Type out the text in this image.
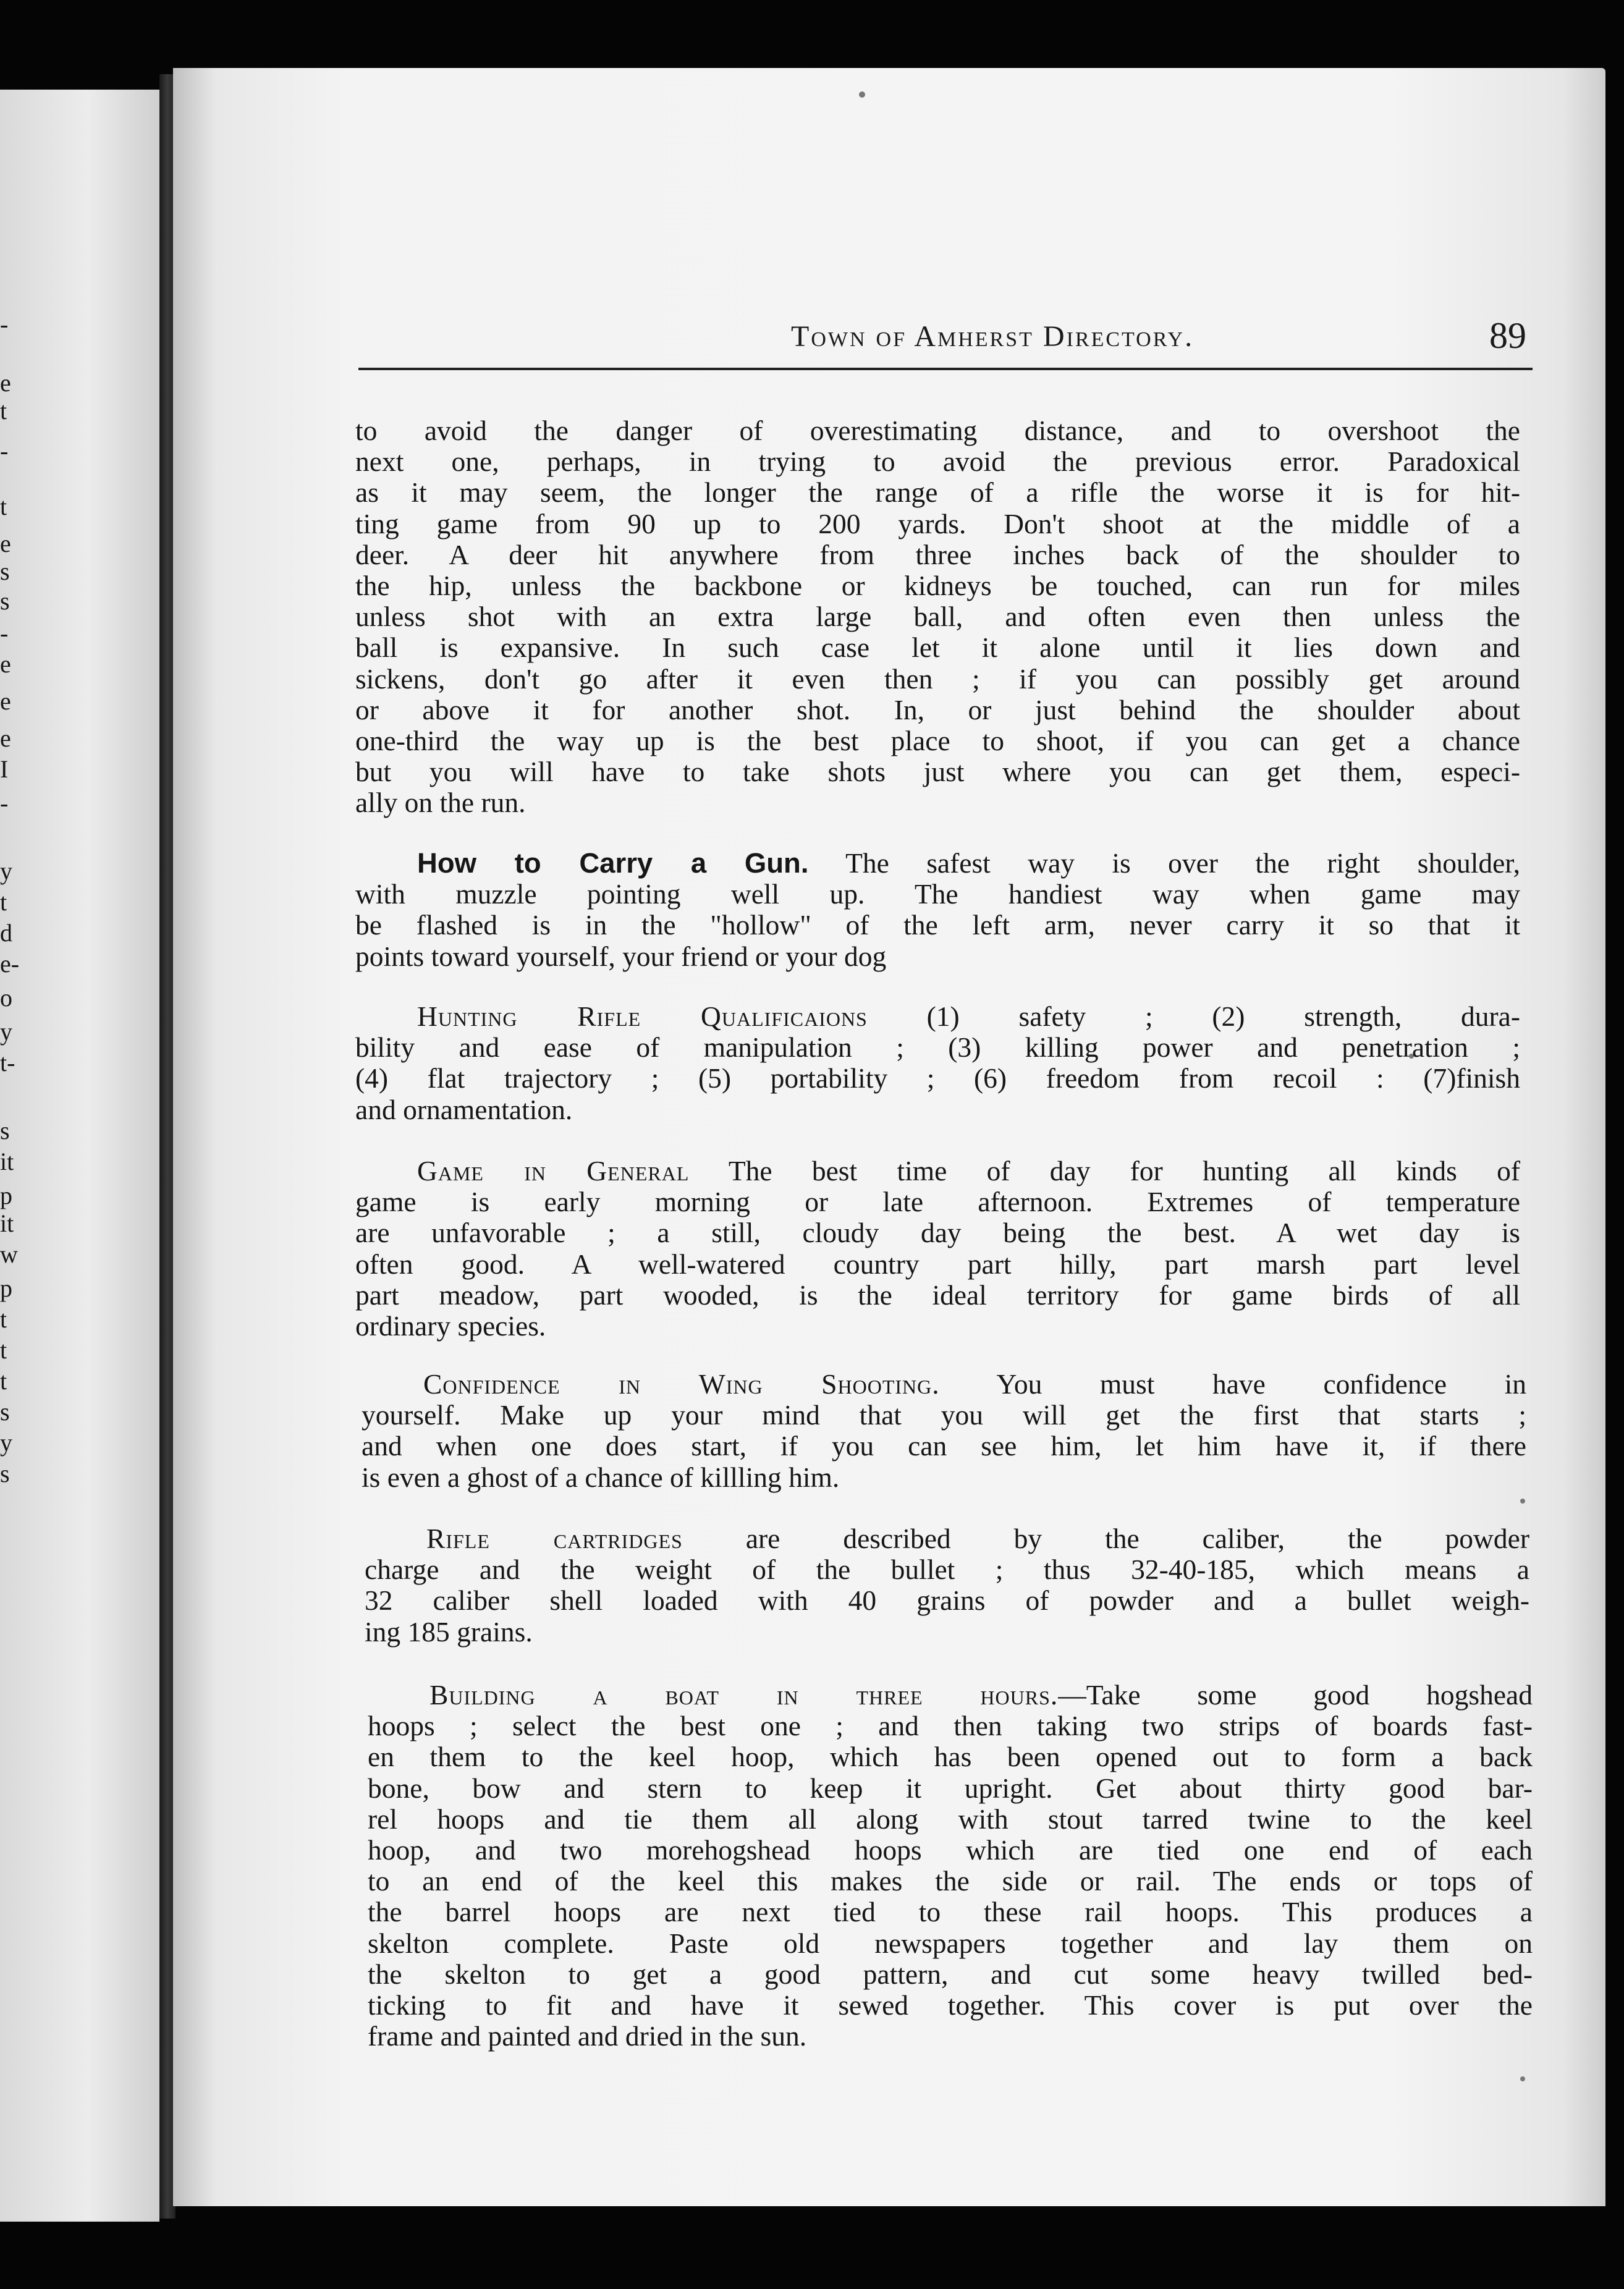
-
e
t
-
t
e
s
s
-
e
e
e
I
-
y
t
d
e-
o
y
t-
s
it
p
it
w
p
t
t
t
s
y
s
Town of Amherst Directory.	89
to avoid the danger of overestimating distance, and to overshoot the
next one, perhaps, in trying to avoid the previous error. Paradoxical
as it may seem, the longer the range of a rifle the worse it is for hit-
ting game from 90 up to 200 yards. Don't shoot at the middle of a
deer. A deer hit anywhere from three inches back of the shoulder to
the hip, unless the backbone or kidneys be touched, can run for miles
unless shot with an extra large ball, and often even then unless the
ball is expansive. In such case let it alone until it lies down and
sickens, don't go after it even then ; if you can possibly get around
or above it for another shot. In, or just behind the shoulder about
one-third the way up is the best place to shoot, if you can get a chance
but you will have to take shots just where you can get them, especi-
ally on the run.
How to Carry a Gun. The safest way is over the right shoulder,
with muzzle pointing well up. The handiest way when game may
be flashed is in the "hollow" of the left arm, never carry it so that it
points toward yourself, your friend or your dog
Hunting Rifle Qualificaions (1) safety ; (2) strength, dura-
bility and ease of manipulation ; (3) killing power and penetration ;
(4) flat trajectory ; (5) portability ; (6) freedom from recoil : (7)finish
and ornamentation.
Game in General The best time of day for hunting all kinds of
game is early morning or late afternoon. Extremes of temperature
are unfavorable ; a still, cloudy day being the best. A wet day is
often good. A well-watered country part hilly, part marsh part level
part meadow, part wooded, is the ideal territory for game birds of all
ordinary species.
Confidence in Wing Shooting. You must have confidence in
yourself. Make up your mind that you will get the first that starts ;
and when one does start, if you can see him, let him have it, if there
is even a ghost of a chance of killling him.
Rifle cartridges are described by the caliber, the powder
charge and the weight of the bullet ; thus 32-40-185, which means a
32 caliber shell loaded with 40 grains of powder and a bullet weigh-
ing 185 grains.
Building a boat in three hours.—Take some good hogshead
hoops ; select the best one ; and then taking two strips of boards fast-
en them to the keel hoop, which has been opened out to form a back
bone, bow and stern to keep it upright. Get about thirty good bar-
rel hoops and tie them all along with stout tarred twine to the keel
hoop, and two morehogshead hoops which are tied one end of each
to an end of the keel this makes the side or rail. The ends or tops of
the barrel hoops are next tied to these rail hoops. This produces a
skelton complete. Paste old newspapers together and lay them on
the skelton to get a good pattern, and cut some heavy twilled bed-
ticking to fit and have it sewed together. This cover is put over the
frame and painted and dried in the sun.
